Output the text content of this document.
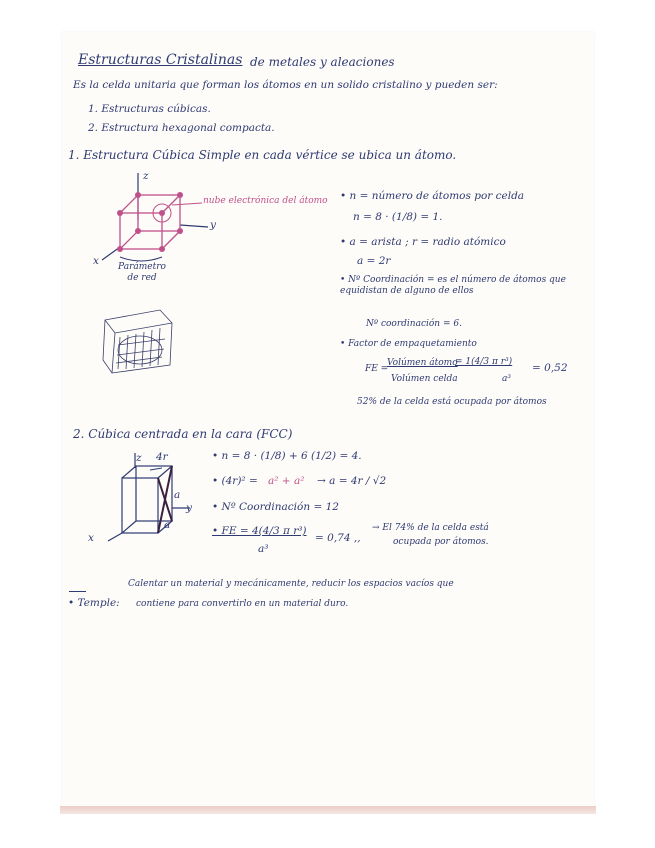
Estructuras Cristalinas de metales y aleaciones

Es la celda unitaria que forman los átomos en un solido cristalino y pueden ser:

1. Estructuras cúbicas.

2. Estructura hexagonal compacta.

1. Estructura Cúbica Simple en cada vértice se ubica un átomo.

z

y

x

nube electrónica del átomo

Parámetro de red

• n = número de átomos por celda

n = 8 · (1/8) = 1.

• a = arista ; r = radio atómico

a = 2r

• Nº Coordinación = es el número de átomos que equidistan de alguno de ellos

Nº coordinación = 6.

• Factor de empaquetamiento

FE =

Volúmen átomo

Volúmen celda

= 1(4/3 π r³)

a³

= 0,52

52% de la celda está ocupada por átomos

2. Cúbica centrada en la cara (FCC)

z 4r

a

y

x

a

• n = 8 · (1/8) + 6 (1/2) = 4.

• (4r)² = a² + a² → a = 4r / √2

• Nº Coordinación = 12

• FE = 4(4/3 π r³)

a³

= 0,74 ,,

→ El 74% de la celda está

ocupada por átomos.

• Temple:

Calentar un material y mecánicamente, reducir los espacios vacíos que

contiene para convertirlo en un material duro.
